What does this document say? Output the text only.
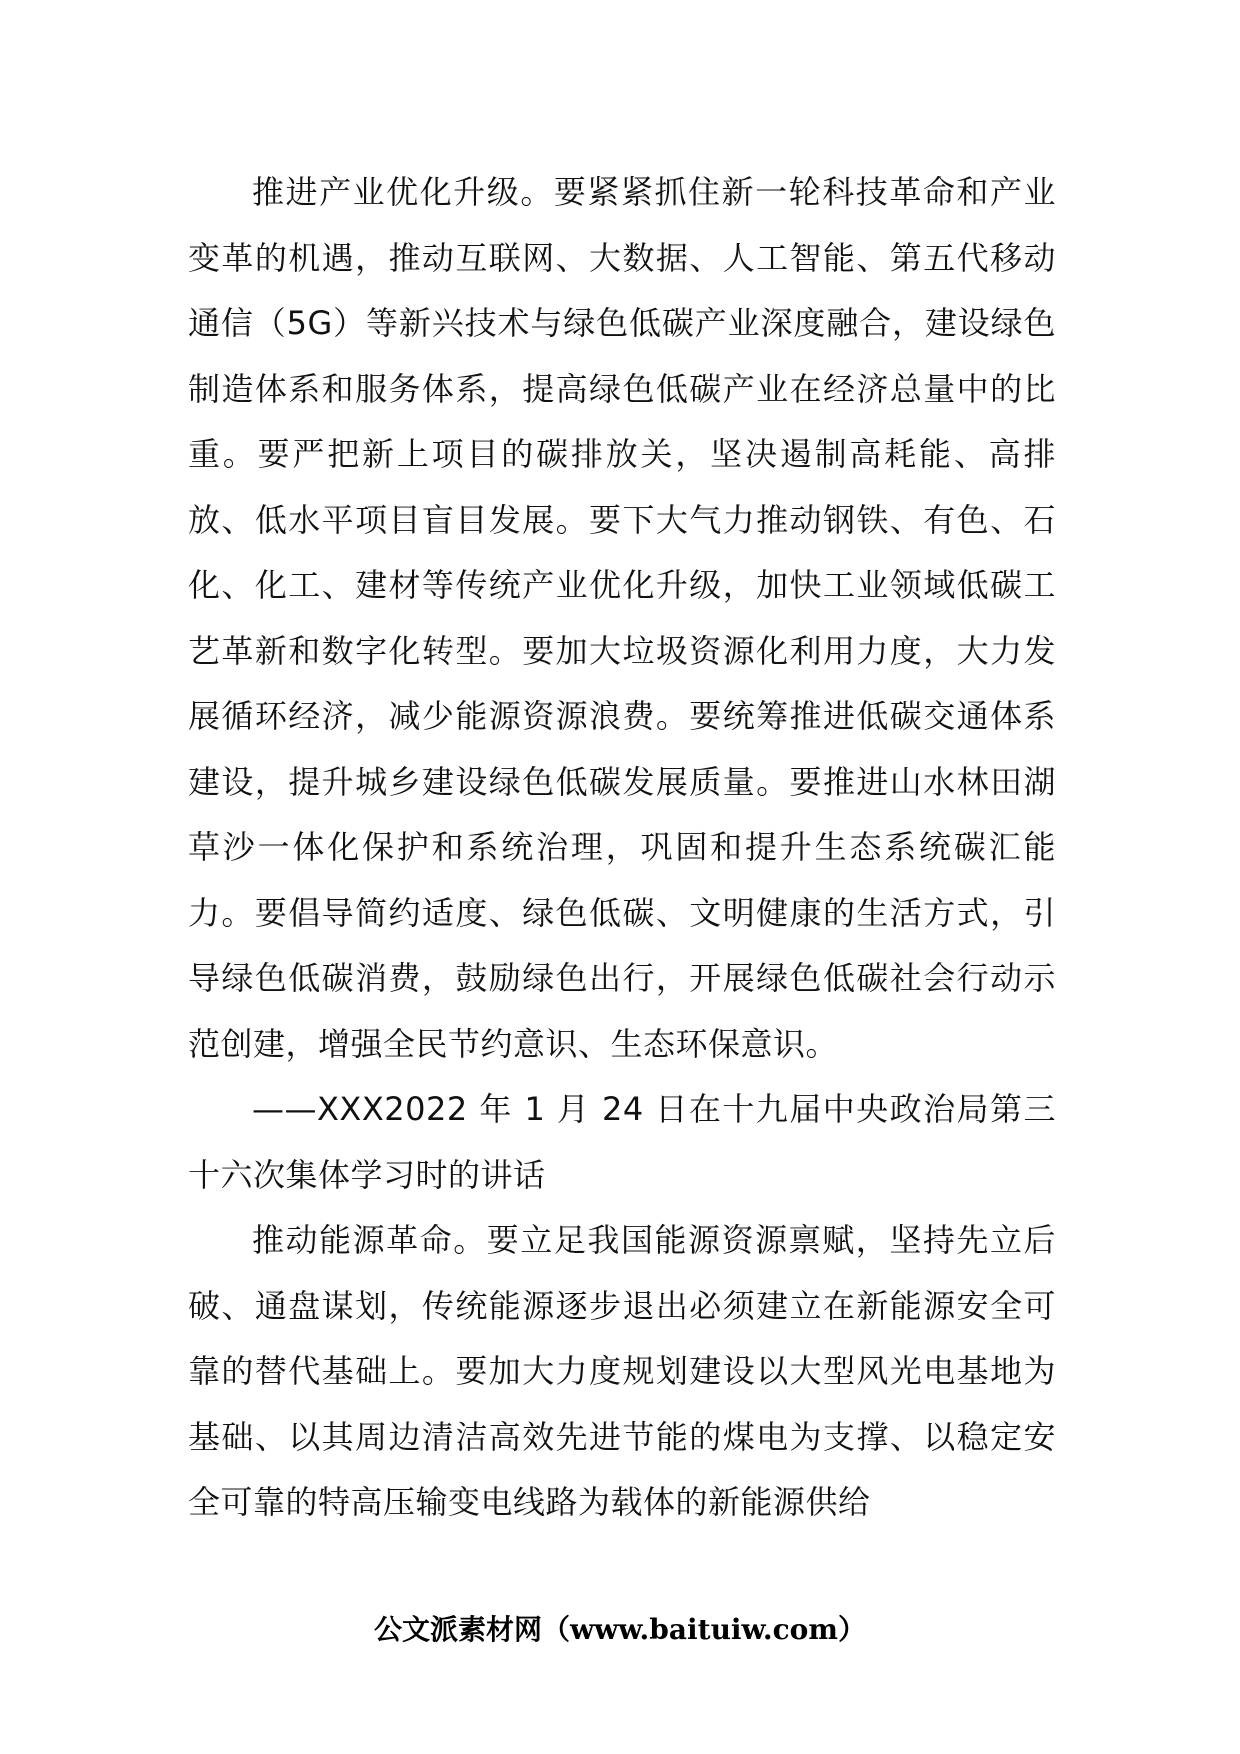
推进产业优化升级。要紧紧抓住新一轮科技革命和产业变革的机遇，推动互联网、大数据、人工智能、第五代移动通信（5G）等新兴技术与绿色低碳产业深度融合，建设绿色制造体系和服务体系，提高绿色低碳产业在经济总量中的比重。要严把新上项目的碳排放关，坚决遏制高耗能、高排放、低水平项目盲目发展。要下大气力推动钢铁、有色、石化、化工、建材等传统产业优化升级，加快工业领域低碳工艺革新和数字化转型。要加大垃圾资源化利用力度，大力发展循环经济，减少能源资源浪费。要统筹推进低碳交通体系建设，提升城乡建设绿色低碳发展质量。要推进山水林田湖草沙一体化保护和系统治理，巩固和提升生态系统碳汇能力。要倡导简约适度、绿色低碳、文明健康的生活方式，引导绿色低碳消费，鼓励绿色出行，开展绿色低碳社会行动示范创建，增强全民节约意识、生态环保意识。

——XXX2022 年 1 月 24 日在十九届中央政治局第三十六次集体学习时的讲话

推动能源革命。要立足我国能源资源禀赋，坚持先立后破、通盘谋划，传统能源逐步退出必须建立在新能源安全可靠的替代基础上。要加大力度规划建设以大型风光电基地为基础、以其周边清洁高效先进节能的煤电为支撑、以稳定安全可靠的特高压输变电线路为载体的新能源供给

公文派素材网（www.baituiw.com）
